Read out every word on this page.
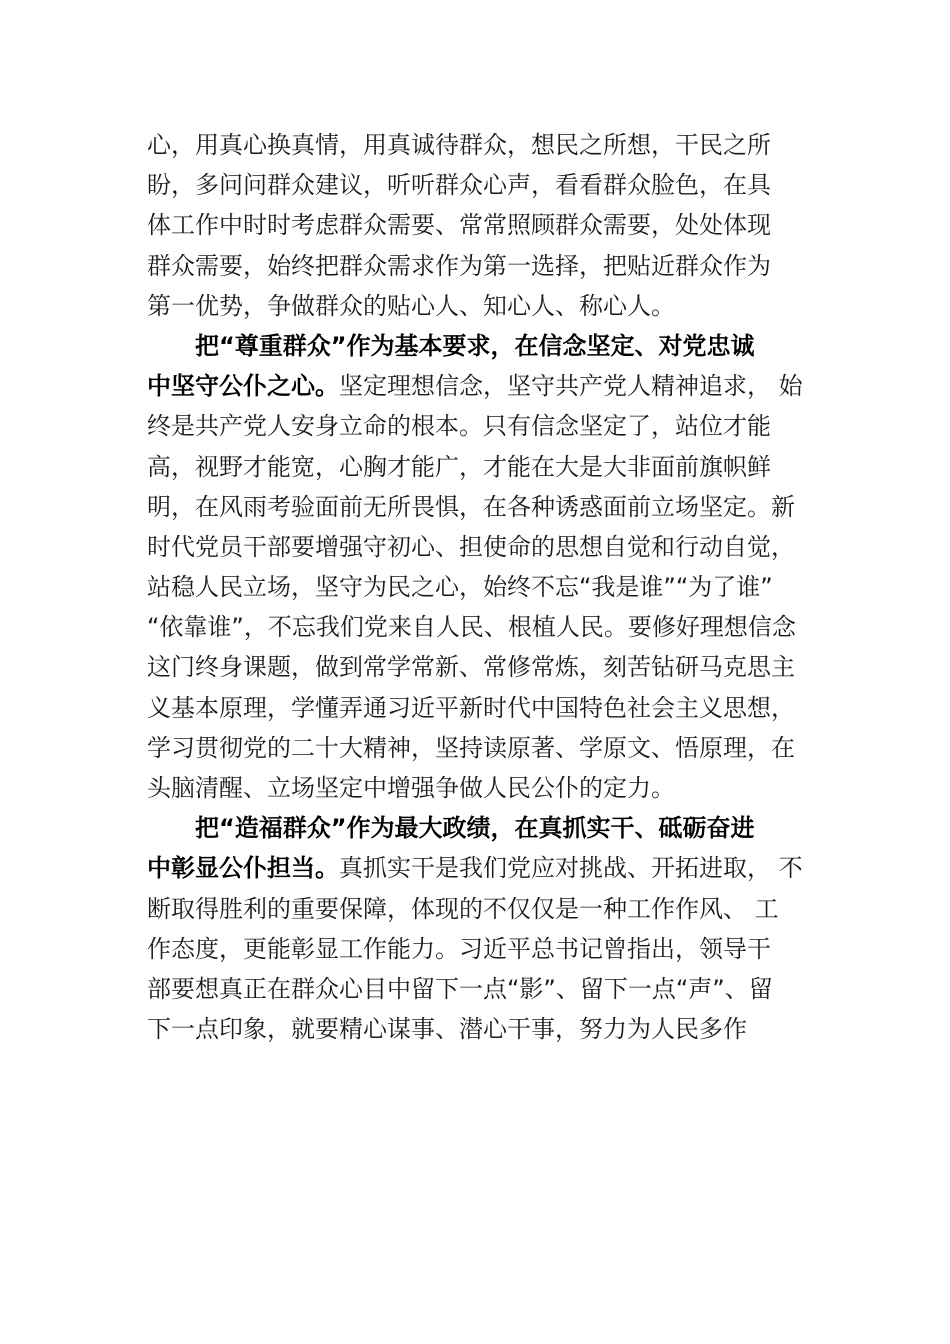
心，用真心换真情，用真诚待群众，想民之所想，干民之所
盼，多问问群众建议，听听群众心声，看看群众脸色，在具
体工作中时时考虑群众需要、常常照顾群众需要，处处体现
群众需要，始终把群众需求作为第一选择，把贴近群众作为
第一优势，争做群众的贴心人、知心人、称心人。
把“尊重群众”作为基本要求，在信念坚定、对党忠诚
中坚守公仆之心。坚定理想信念，坚守共产党人精神追求， 始
终是共产党人安身立命的根本。只有信念坚定了，站位才能
高，视野才能宽，心胸才能广，才能在大是大非面前旗帜鲜
明，在风雨考验面前无所畏惧，在各种诱惑面前立场坚定。新
时代党员干部要增强守初心、担使命的思想自觉和行动自觉，
站稳人民立场，坚守为民之心，始终不忘“我是谁”“为了谁”
“依靠谁”，不忘我们党来自人民、根植人民。要修好理想信念
这门终身课题，做到常学常新、常修常炼，刻苦钻研马克思主
义基本原理，学懂弄通习近平新时代中国特色社会主义思想，
学习贯彻党的二十大精神，坚持读原著、学原文、悟原理，在
头脑清醒、立场坚定中增强争做人民公仆的定力。
把“造福群众”作为最大政绩，在真抓实干、砥砺奋进
中彰显公仆担当。真抓实干是我们党应对挑战、开拓进取， 不
断取得胜利的重要保障，体现的不仅仅是一种工作作风、 工
作态度，更能彰显工作能力。习近平总书记曾指出，领导干
部要想真正在群众心目中留下一点“影”、留下一点“声”、留
下一点印象，就要精心谋事、潜心干事，努力为人民多作
